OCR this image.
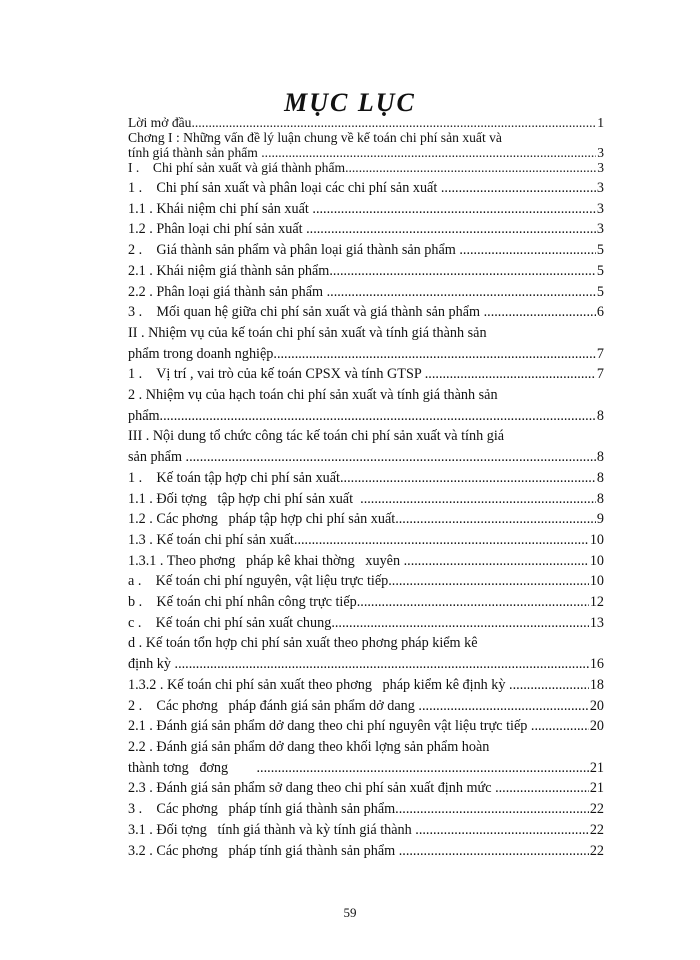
MỤC LỤC
Lời mở đầu .....	1
Chơng I : Những vấn đề lý luận chung về kế toán chi phí sản xuất và
tính giá thành sản phẩm .....	3
I .    Chi phí sản xuất và giá thành phẩm .....	3
1 .    Chi phí sản xuất và phân loại các chi phí sản xuất .....	3
1.1 . Khái niệm chi phí sản xuất .....	3
1.2 . Phân loại chi phí sản xuất .....	3
2 .    Giá thành sản phẩm và phân loại giá thành sản phẩm .....	5
2.1 . Khái niệm giá thành sản phẩm .....	5
2.2 . Phân loại giá thành sản phẩm .....	5
3 .    Mối quan hệ giữa chi phí sản xuất và giá thành sản phẩm .....	6
II . Nhiệm vụ của kế toán chi phí sản xuất và tính giá thành sản
phẩm trong doanh nghiệp .....	7
1 .    Vị trí , vai trò của kế toán CPSX và tính GTSP .....	7
2 . Nhiệm vụ của hạch toán chi phí sản xuất và tính giá thành sản
phẩm .....	8
III . Nội dung tổ chức công tác kế toán chi phí sản xuất và tính giá
sản phẩm .....	8
1 .    Kế toán tập hợp chi phí sản xuất .....	8
1.1 . Đối tợng   tập hợp chi phí sản xuất .....	8
1.2 . Các phơng   pháp tập hợp chi phí sản xuất .....	9
1.3 . Kế toán chi phí sản xuất .....	10
1.3.1 . Theo phơng   pháp kê khai thờng   xuyên .....	10
a .    Kế toán chi phí nguyên, vật liệu trực tiếp .....	10
b .    Kế toán chi phí nhân công trực tiếp .....	12
c .    Kế toán chi phí sản xuất chung .....	13
d . Kế toán tổn hợp chi phí sản xuất theo phơng pháp kiểm kê
định kỳ .....	16
1.3.2 . Kế toán chi phí sản xuất theo phơng   pháp kiểm kê định kỳ .....	18
2 .    Các phơng   pháp đánh giá sản phẩm dở dang .....	20
2.1 . Đánh giá sản phẩm dở dang theo chi phí nguyên vật liệu trực tiếp .....	20
2.2 . Đánh giá sản phẩm dở dang theo khối lợng sản phẩm hoàn
thành tơng   đơng .....	21
2.3 . Đánh giá sản phẩm sở dang theo chi phí sản xuất định mức .....	21
3 .    Các phơng   pháp tính giá thành sản phẩm .....	22
3.1 . Đối tợng   tính giá thành và kỳ tính giá thành .....	22
3.2 . Các phơng   pháp tính giá thành sản phẩm .....	22
59
